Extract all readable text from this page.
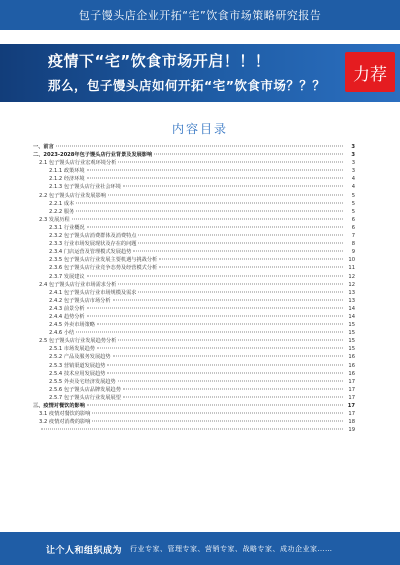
包子馒头店企业开拓“宅”饮食市场策略研究报告
疫情下“宅”饮食市场开启！！！
那么，包子馒头店如何开拓“宅”饮食市场？？？
力荐
内容目录
一、前言	3
二、2023-2028年包子馒头店行业背景及发展影响	3
2.1 包子馒头店行业宏观环境分析	3
2.1.1 政策环境	3
2.1.2 经济环境	4
2.1.3 包子馒头店行业社会环境	4
2.2 包子馒头店行业发展影响	5
2.2.1 成本	5
2.2.2 服务	5
2.3 发展历程	6
2.3.1 行业概况	6
2.3.2 包子馒头店消费群体及消费特点	7
2.3.3 行业市场发展现状及存在的问题	8
2.3.4 门店运营及管理模式发展趋势	9
2.3.5 包子馒头店行业发展主要机遇与挑战分析	10
2.3.6 包子馒头店行业竞争态势及经营模式分析	11
2.3.7 发展建议	12
2.4 包子馒头店行业市场需求分析	12
2.4.1 包子馒头店行业市场规模及需求	13
2.4.2 包子馒头店市场分析	13
2.4.3 前景分析	14
2.4.4 趋势分析	14
2.4.5 外卖市场策略	15
2.4.6 小结	15
2.5 包子馒头店行业发展趋势分析	15
2.5.1 市场发展趋势	15
2.5.2 产品及服务发展趋势	16
2.5.3 营销渠道发展趋势	16
2.5.4 技术应用发展趋势	16
2.5.5 外卖及宅经济发展趋势	17
2.5.6 包子馒头店品牌发展趋势	17
2.5.7 包子馒头店行业发展展望	17
三、疫情对餐饮的影响	17
3.1 疫情对餐饮的影响	17
3.2 疫情对消费的影响	18
19
让个人和组织成为 行业专家、管理专家、营销专家、战略专家、成功企业家……
